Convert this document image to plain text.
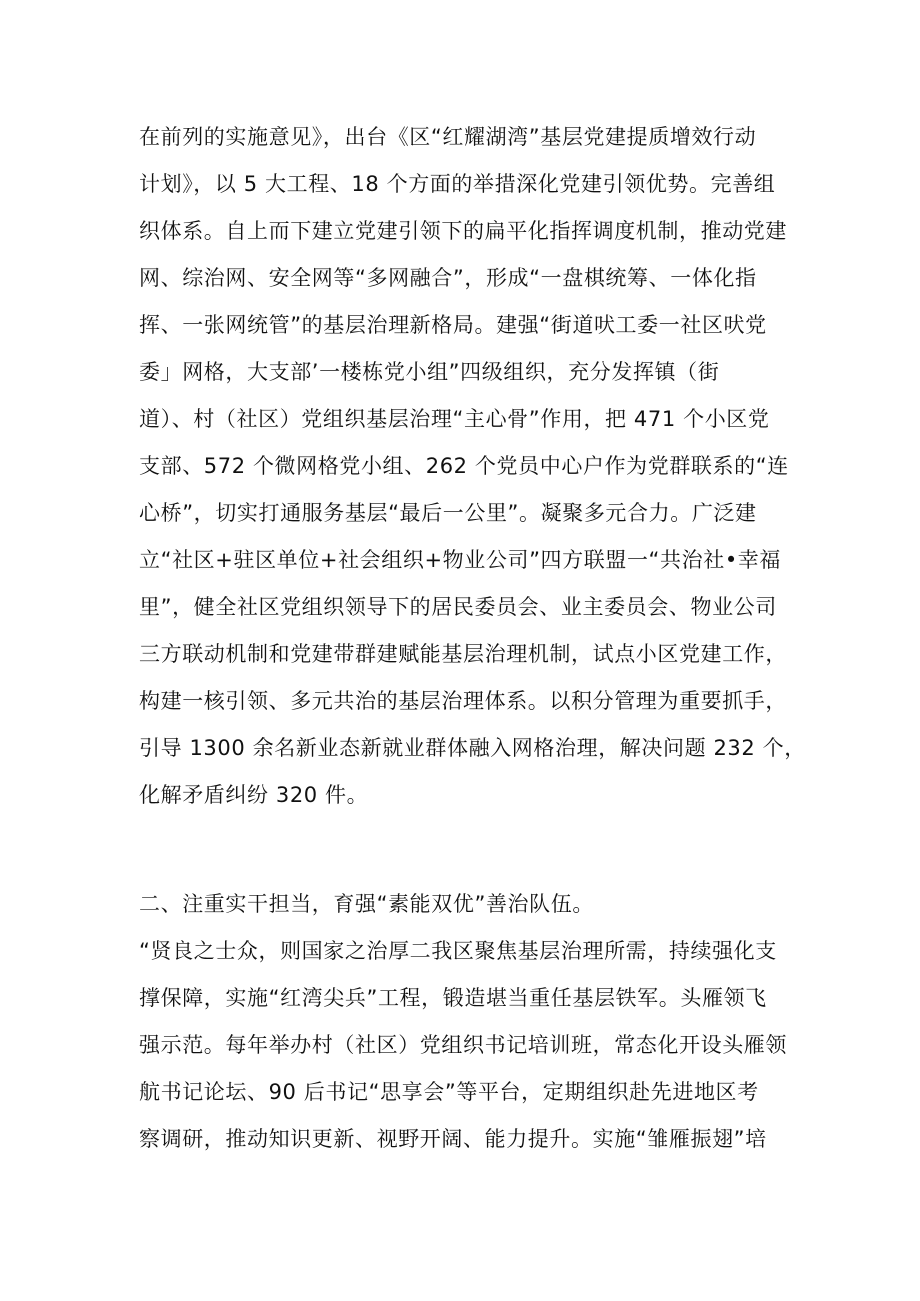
在前列的实施意见》，出台《区“红耀湖湾”基层党建提质增效行动
计划》，以 5 大工程、18 个方面的举措深化党建引领优势。完善组
织体系。自上而下建立党建引领下的扁平化指挥调度机制，推动党建
网、综治网、安全网等“多网融合”，形成“一盘棋统筹、一体化指
挥、一张网统管”的基层治理新格局。建强“街道吠工委一社区吠党
委」网格，大支部’一楼栋党小组”四级组织，充分发挥镇（街
道）、村（社区）党组织基层治理“主心骨”作用，把 471 个小区党
支部、572 个微网格党小组、262 个党员中心户作为党群联系的“连
心桥”，切实打通服务基层“最后一公里”。凝聚多元合力。广泛建
立“社区+驻区单位+社会组织+物业公司”四方联盟一“共治社•幸福
里”，健全社区党组织领导下的居民委员会、业主委员会、物业公司
三方联动机制和党建带群建赋能基层治理机制，试点小区党建工作，
构建一核引领、多元共治的基层治理体系。以积分管理为重要抓手，
引导 1300 余名新业态新就业群体融入网格治理，解决问题 232 个，
化解矛盾纠纷 320 件。
二、注重实干担当，育强“素能双优”善治队伍。
“贤良之士众，则国家之治厚二我区聚焦基层治理所需，持续强化支
撑保障，实施“红湾尖兵”工程，锻造堪当重任基层铁军。头雁领飞
强示范。每年举办村（社区）党组织书记培训班，常态化开设头雁领
航书记论坛、90 后书记“思享会”等平台，定期组织赴先进地区考
察调研，推动知识更新、视野开阔、能力提升。实施“雏雁振翅”培
